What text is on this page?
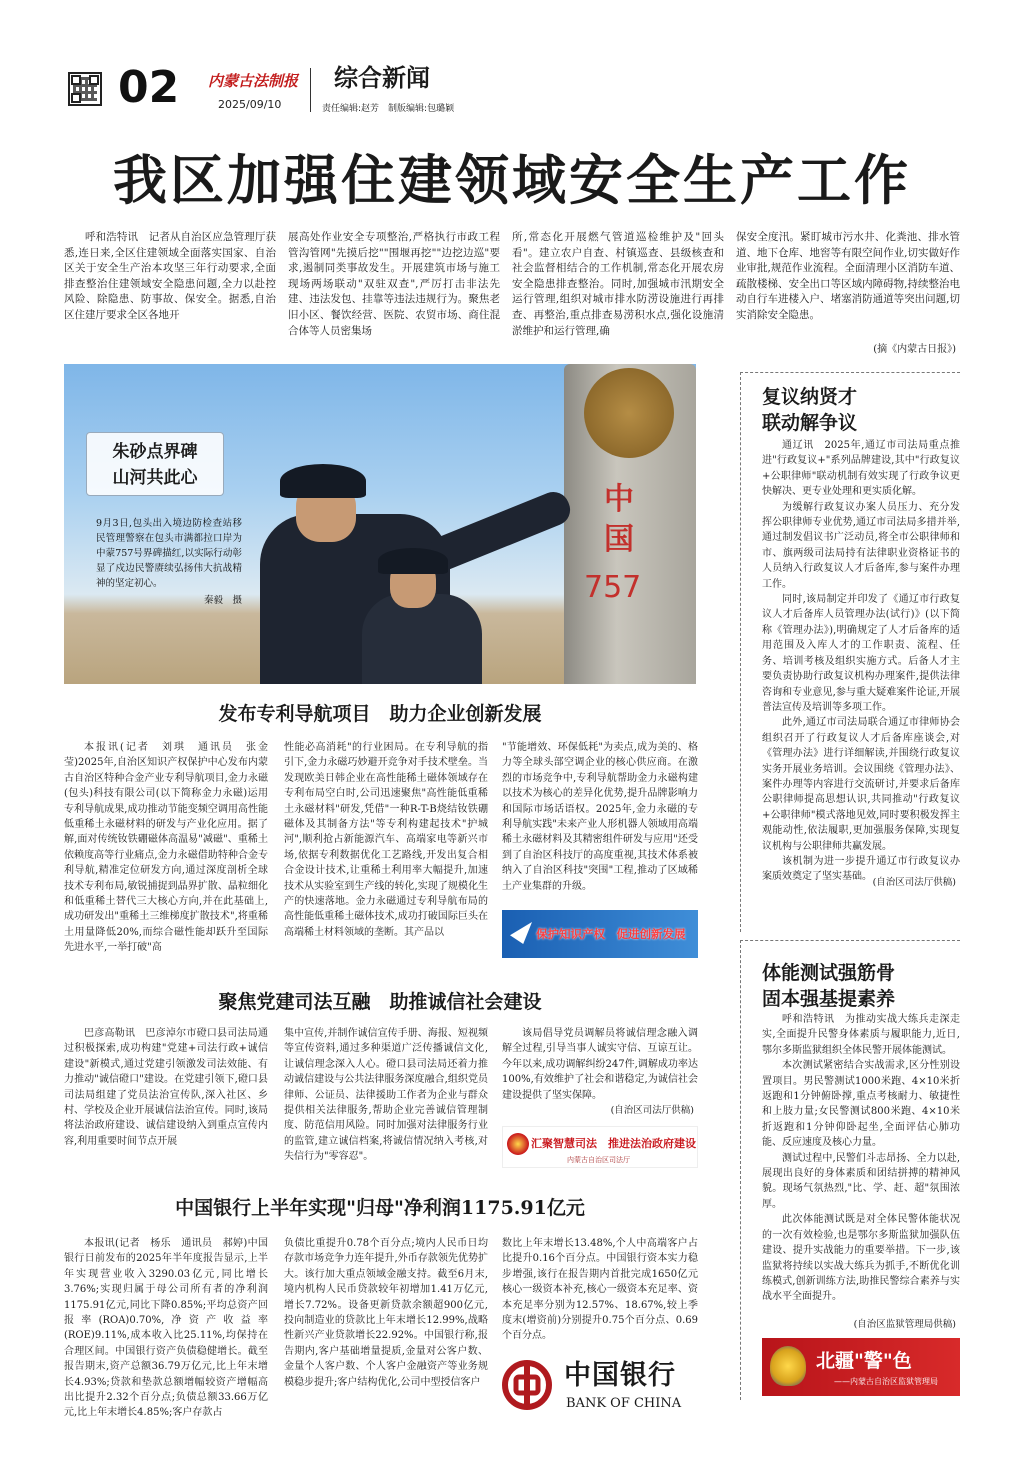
02 内蒙古法制报
2025/09/10
综合新闻
责任编辑:赵芳　制版编辑:包璐颖
我区加强住建领域安全生产工作

呼和浩特讯　记者从自治区应急管理厅获悉,连日来,全区住建领域全面落实国家、自治区关于安全生产治本攻坚三年行动要求,全面排查整治住建领域安全隐患问题,全力以赴控风险、除隐患、防事故、保安全。据悉,自治区住建厅要求全区各地开

展高处作业安全专项整治,严格执行市政工程管沟管网"先摸后挖""围堰再挖""边挖边巡"要求,遏制同类事故发生。开展建筑市场与施工现场两场联动"双驻双查",严厉打击非法先建、违法发包、挂靠等违法违规行为。聚焦老旧小区、餐饮经营、医院、农贸市场、商住混合体等人员密集场

所,常态化开展燃气管道巡检维护及"回头看"。建立农户自查、村镇巡查、县级核查和社会监督相结合的工作机制,常态化开展农房安全隐患排查整治。同时,加强城市汛期安全运行管理,组织对城市排水防涝设施进行再排查、再整治,重点排查易涝积水点,强化设施清淤维护和运行管理,确

保安全度汛。紧盯城市污水井、化粪池、排水管道、地下仓库、地窖等有限空间作业,切实做好作业审批,规范作业流程。全面清理小区消防车道、疏散楼梯、安全出口等区域内障碍物,持续整治电动自行车进楼入户、堵塞消防通道等突出问题,切实消除安全隐患。

(摘《内蒙古日报》)
中国
757
朱砂点界碑
山河共此心
9月3日,包头出入境边防检查站移民管理警察在包头市满都拉口岸为中蒙757号界碑描红,以实际行动彰显了戍边民警赓续弘扬伟大抗战精神的坚定初心。
秦毅　摄
复议纳贤才
联动解争议

通辽讯　2025年,通辽市司法局重点推进"行政复议+"系列品牌建设,其中"行政复议+公职律师"联动机制有效实现了行政争议更快解决、更专业处理和更实质化解。

为缓解行政复议办案人员压力、充分发挥公职律师专业优势,通辽市司法局多措并举,通过制发倡议书广泛动员,将全市公职律师和市、旗两级司法局持有法律职业资格证书的人员纳入行政复议人才后备库,参与案件办理工作。

同时,该局制定并印发了《通辽市行政复议人才后备库人员管理办法(试行)》(以下简称《管理办法》),明确规定了人才后备库的适用范围及入库人才的工作职责、流程、任务、培训考核及组织实施方式。后备人才主要负责协助行政复议机构办理案件,提供法律咨询和专业意见,参与重大疑难案件论证,开展普法宣传及培训等多项工作。

此外,通辽市司法局联合通辽市律师协会组织召开了行政复议人才后备库座谈会,对《管理办法》进行详细解读,并围绕行政复议实务开展业务培训。会议围绕《管理办法》、案件办理等内容进行交流研讨,并要求后备库公职律师提高思想认识,共同推动"行政复议+公职律师"模式落地见效,同时要积极发挥主观能动性,依法履职,更加强服务保障,实现复议机构与公职律师共赢发展。

该机制为进一步提升通辽市行政复议办案质效奠定了坚实基础。

(自治区司法厅供稿)
体能测试强筋骨
固本强基提素养

呼和浩特讯　为推动实战大练兵走深走实,全面提升民警身体素质与履职能力,近日,鄂尔多斯监狱组织全体民警开展体能测试。

本次测试紧密结合实战需求,区分性别设置项目。男民警测试1000米跑、4×10米折返跑和1分钟俯卧撑,重点考核耐力、敏捷性和上肢力量;女民警测试800米跑、4×10米折返跑和1分钟仰卧起坐,全面评估心肺功能、反应速度及核心力量。

测试过程中,民警们斗志昂扬、全力以赴,展现出良好的身体素质和团结拼搏的精神风貌。现场气氛热烈,"比、学、赶、超"氛围浓厚。

此次体能测试既是对全体民警体能状况的一次有效检验,也是鄂尔多斯监狱加强队伍建设、提升实战能力的重要举措。下一步,该监狱将持续以实战大练兵为抓手,不断优化训练模式,创新训练方法,助推民警综合素养与实战水平全面提升。

(自治区监狱管理局供稿)
北疆"警"色
——内蒙古自治区监狱管理局
发布专利导航项目　助力企业创新发展

本报讯(记者　刘琪　通讯员　张金莹)2025年,自治区知识产权保护中心发布内蒙古自治区特种合金产业专利导航项目,金力永磁(包头)科技有限公司(以下简称金力永磁)运用专利导航成果,成功推动节能变频空调用高性能低重稀土永磁材料的研发与产业化应用。据了解,面对传统钕铁硼磁体高温易"减磁"、重稀土依赖度高等行业痛点,金力永磁借助特种合金专利导航,精准定位研发方向,通过深度剖析全球技术专利布局,敏锐捕捉到晶界扩散、晶粒细化和低重稀土替代三大核心方向,并在此基础上,成功研发出"重稀土三维梯度扩散技术",将重稀土用量降低20%,而综合磁性能却跃升至国际先进水平,一举打破"高

性能必高消耗"的行业困局。在专利导航的指引下,金力永磁巧妙避开竞争对手技术壁垒。当发现欧美日韩企业在高性能稀土磁体领域存在专利布局空白时,公司迅速聚焦"高性能低重稀土永磁材料"研发,凭借"一种R-T-B烧结钕铁硼磁体及其制备方法"等专利构建起技术"护城河",顺利抢占新能源汽车、高端家电等新兴市场,依据专利数据优化工艺路线,开发出复合相合金设计技术,让重稀土利用率大幅提升,加速技术从实验室到生产线的转化,实现了规模化生产的快速落地。金力永磁通过专利导航布局的高性能低重稀土磁体技术,成功打破国际巨头在高端稀土材料领域的垄断。其产品以

"节能增效、环保低耗"为卖点,成为美的、格力等全球头部空调企业的核心供应商。在激烈的市场竞争中,专利导航帮助金力永磁构建以技术为核心的差异化优势,提升品牌影响力和国际市场话语权。2025年,金力永磁的专利导航实践"未来产业人形机器人领域用高端稀土永磁材料及其精密组件研发与应用"还受到了自治区科技厅的高度重视,其技术体系被纳入了自治区科技"突围"工程,推动了区域稀土产业集群的升级。

保护知识产权　促进创新发展
聚焦党建司法互融　助推诚信社会建设

巴彦高勒讯　巴彦淖尔市磴口县司法局通过积极探索,成功构建"党建+司法行政+诚信建设"新模式,通过党建引领激发司法效能、有力推动"诚信磴口"建设。在党建引领下,磴口县司法局组建了党员法治宣传队,深入社区、乡村、学校及企业开展诚信法治宣传。同时,该局将法治政府建设、诚信建设纳入到重点宣传内容,利用重要时间节点开展

集中宣传,并制作诚信宣传手册、海报、短视频等宣传资料,通过多种渠道广泛传播诚信文化,让诚信理念深入人心。磴口县司法局还着力推动诚信建设与公共法律服务深度融合,组织党员律师、公证员、法律援助工作者为企业与群众提供相关法律服务,帮助企业完善诚信管理制度、防范信用风险。同时加强对法律服务行业的监管,建立诚信档案,将诚信情况纳入考核,对失信行为"零容忍"。

该局倡导党员调解员将诚信理念融入调解全过程,引导当事人诚实守信、互谅互让。今年以来,成功调解纠纷247件,调解成功率达100%,有效维护了社会和谐稳定,为诚信社会建设提供了坚实保障。

(自治区司法厅供稿)
汇聚智慧司法　推进法治政府建设
内蒙古自治区司法厅
中国银行上半年实现"归母"净利润1175.91亿元

本报讯(记者　杨乐　通讯员　郝婷)中国银行日前发布的2025年半年度报告显示,上半年实现营业收入3290.03亿元,同比增长3.76%;实现归属于母公司所有者的净利润1175.91亿元,同比下降0.85%;平均总资产回报率(ROA)0.70%,净资产收益率(ROE)9.11%,成本收入比25.11%,均保持在合理区间。中国银行资产负债稳健增长。截至报告期末,资产总额36.79万亿元,比上年末增长4.93%;贷款和垫款总额增幅较资产增幅高出比提升2.32个百分点;负债总额33.66万亿元,比上年末增长4.85%;客户存款占

负债比重提升0.78个百分点;境内人民币日均存款市场竞争力连年提升,外币存款领先优势扩大。该行加大重点领域金融支持。截至6月末,境内机构人民币贷款较年初增加1.41万亿元,增长7.72%。设备更新贷款余额超900亿元,投向制造业的贷款比上年末增长12.99%,战略性新兴产业贷款增长22.92%。中国银行称,报告期内,客户基础增量提质,金量对公客户数、金量个人客户数、个人客户金融资产等业务规模稳步提升;客户结构优化,公司中型授信客户

数比上年末增长13.48%,个人中高端客户占比提升0.16个百分点。中国银行资本实力稳步增强,该行在报告期内首批完成1650亿元核心一级资本补充,核心一级资本充足率、资本充足率分别为12.57%、18.67%,较上季度末(增资前)分别提升0.75个百分点、0.69个百分点。

中国银行
BANK OF CHINA
